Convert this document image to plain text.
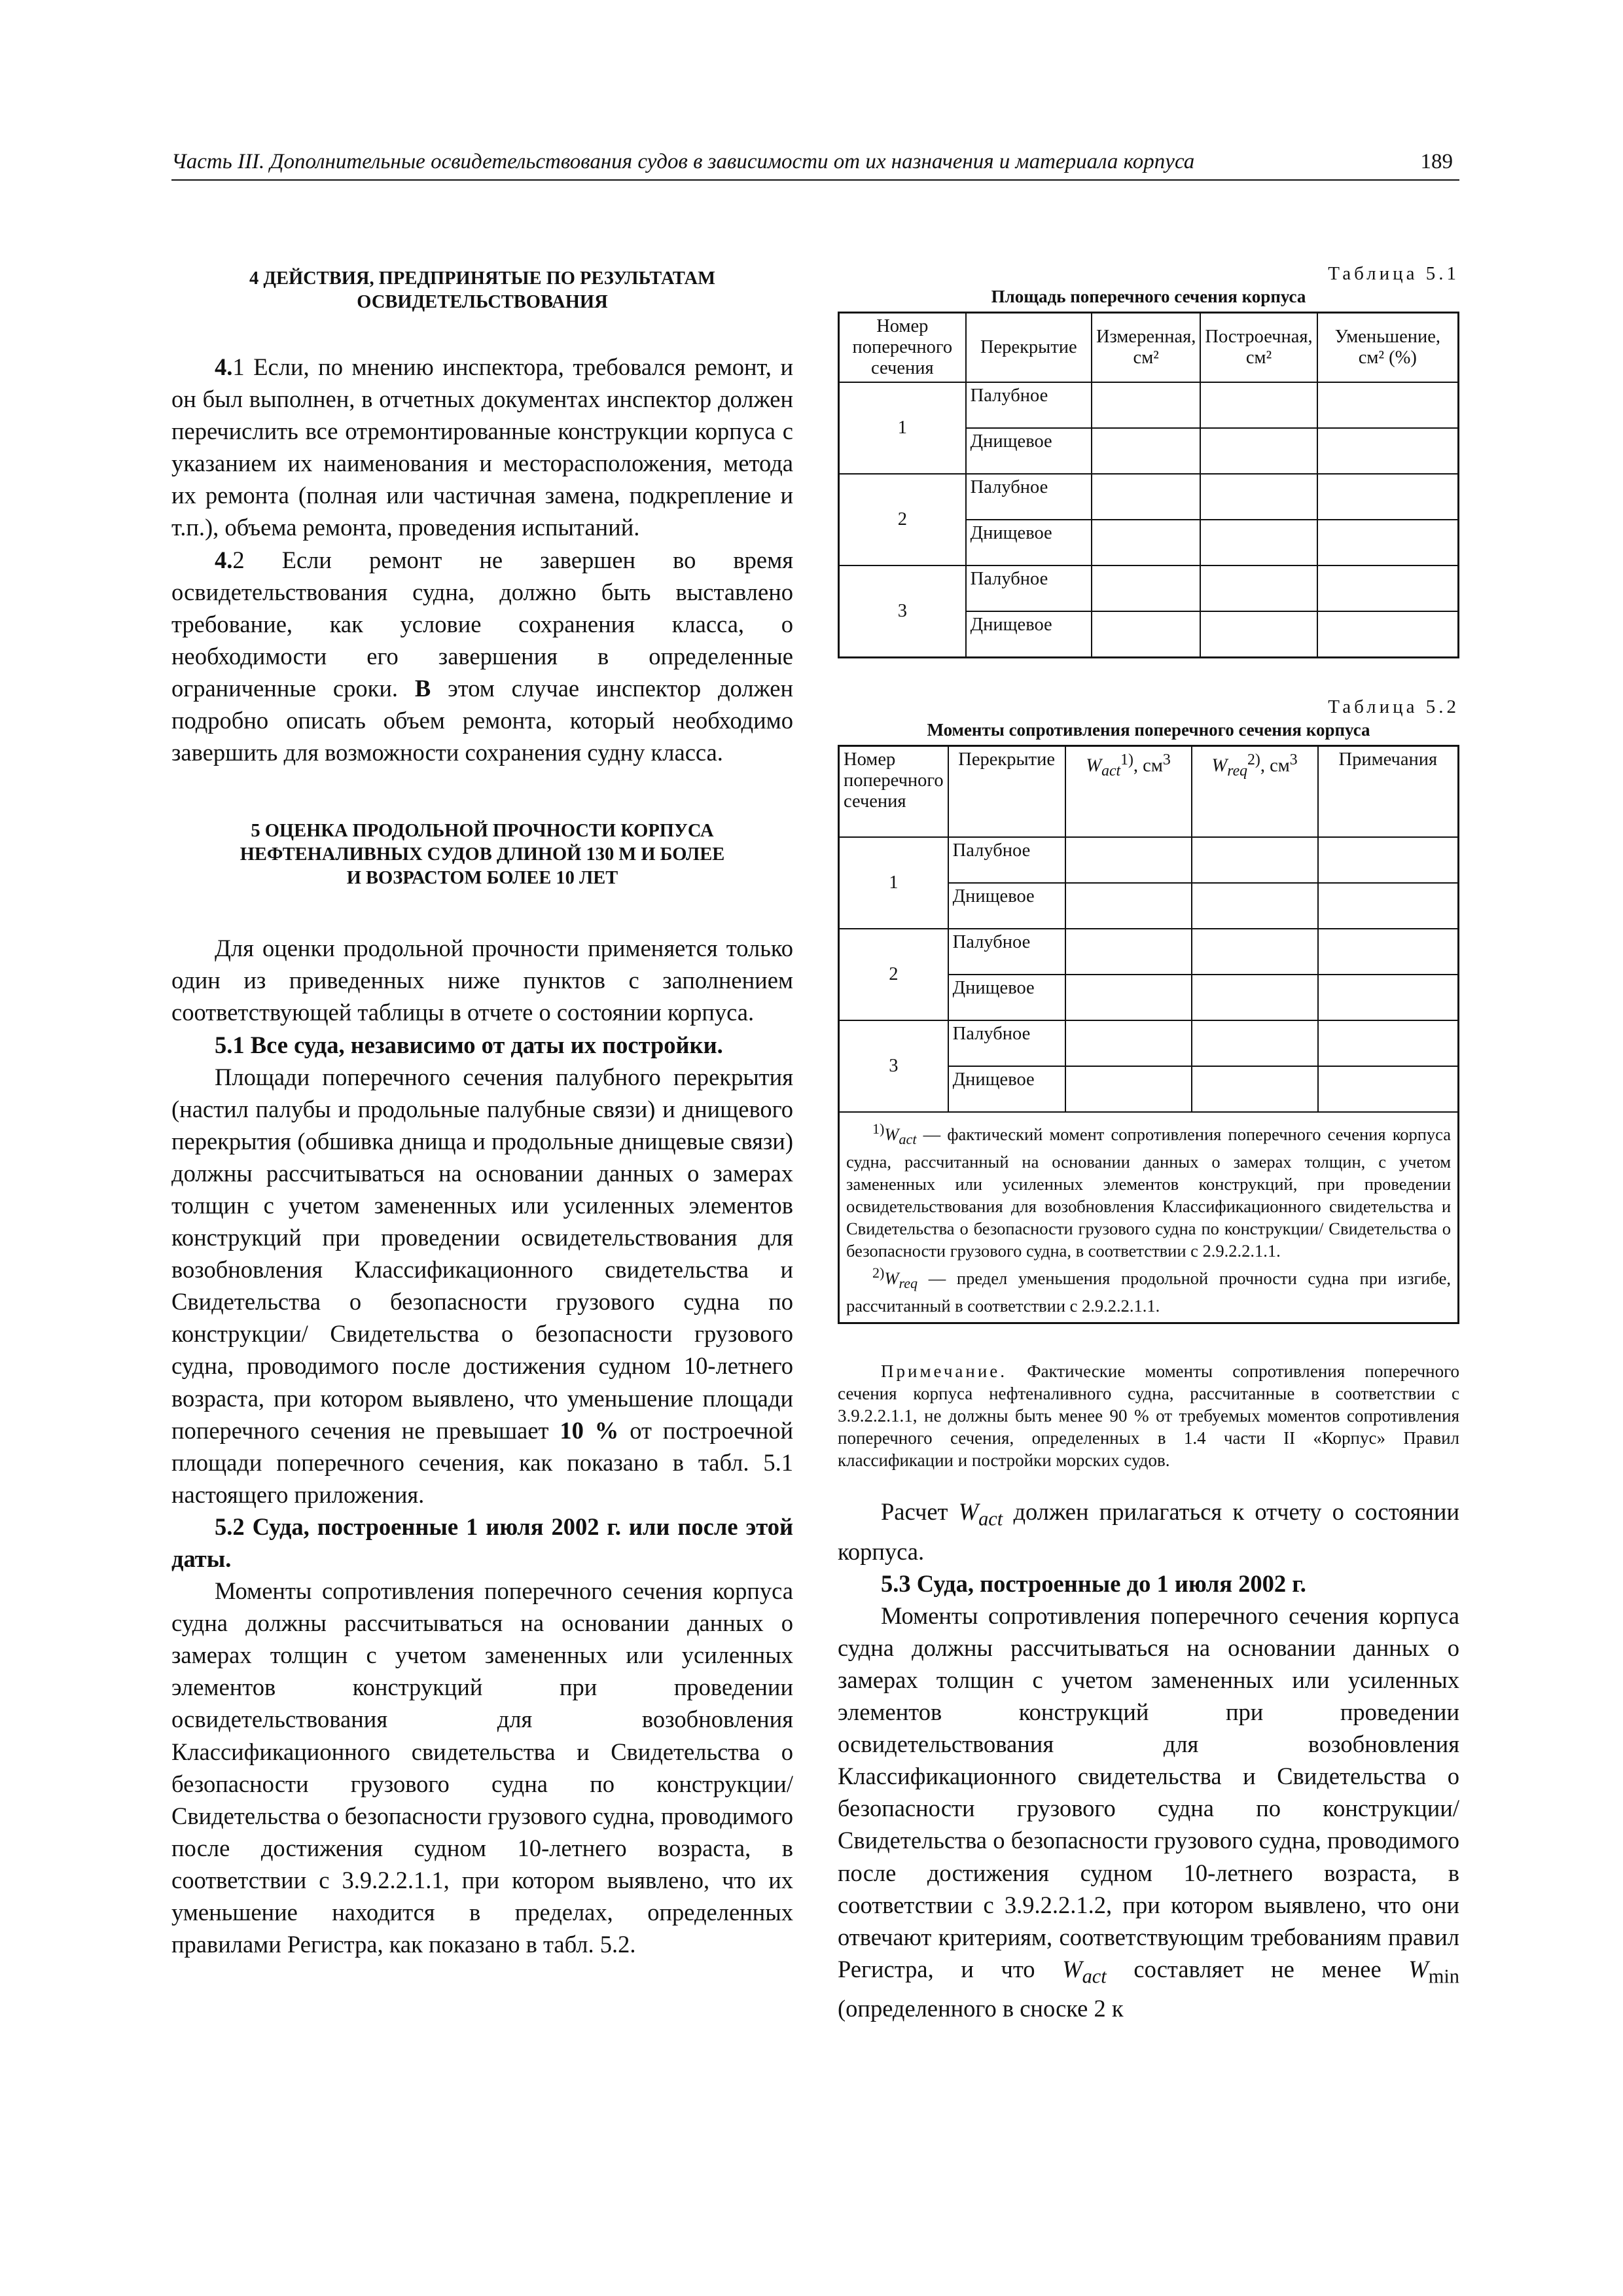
Часть III. Дополнительные освидетельствования судов в зависимости от их назначения и материала корпуса	189
4 ДЕЙСТВИЯ, ПРЕДПРИНЯТЫЕ ПО РЕЗУЛЬТАТАМ
ОСВИДЕТЕЛЬСТВОВАНИЯ

4.1 Если, по мнению инспектора, требовался ремонт, и он был выполнен, в отчетных документах инспектор должен перечислить все отремонтированные конструкции корпуса с указанием их наименования и месторасположения, метода их ремонта (полная или частичная замена, подкрепление и т.п.), объема ремонта, проведения испытаний.

4.2 Если ремонт не завершен во время освидетельствования судна, должно быть выставлено требование, как условие сохранения класса, о необходимости его завершения в определенные ограниченные сроки. В этом случае инспектор должен подробно описать объем ремонта, который необходимо завершить для возможности сохранения судну класса.

5 ОЦЕНКА ПРОДОЛЬНОЙ ПРОЧНОСТИ КОРПУСА
НЕФТЕНАЛИВНЫХ СУДОВ ДЛИНОЙ 130 М И БОЛЕЕ
И ВОЗРАСТОМ БОЛЕЕ 10 ЛЕТ

Для оценки продольной прочности применяется только один из приведенных ниже пунктов с заполнением соответствующей таблицы в отчете о состоянии корпуса.

5.1 Все суда, независимо от даты их постройки.

Площади поперечного сечения палубного перекрытия (настил палубы и продольные палубные связи) и днищевого перекрытия (обшивка днища и продольные днищевые связи) должны рассчитываться на основании данных о замерах толщин с учетом замененных или усиленных элементов конструкций при проведении освидетельствования для возобновления Классификационного свидетельства и Свидетельства о безопасности грузового судна по конструкции/ Свидетельства о безопасности грузового судна, проводимого после достижения судном 10-летнего возраста, при котором выявлено, что уменьшение площади поперечного сечения не превышает 10 % от построечной площади поперечного сечения, как показано в табл. 5.1 настоящего приложения.

5.2 Суда, построенные 1 июля 2002 г. или после этой даты.

Моменты сопротивления поперечного сечения корпуса судна должны рассчитываться на основании данных о замерах толщин с учетом замененных или усиленных элементов конструкций при проведении освидетельствования для возобновления Классификационного свидетельства и Свидетельства о безопасности грузового судна по конструкции/Свидетельства о безопасности грузового судна, проводимого после достижения судном 10-летнего возраста, в соответствии с 3.9.2.2.1.1, при котором выявлено, что их уменьшение находится в пределах, определенных правилами Регистра, как показано в табл. 5.2.

Таблица 5.1
Площадь поперечного сечения корпуса
Номер поперечного сечения	Перекрытие	Измеренная, см²	Построечная, см²	Уменьшение, см² (%)
1	Палубное			
	Днищевое			
2	Палубное			
	Днищевое			
3	Палубное			
	Днищевое			
Таблица 5.2
Моменты сопротивления поперечного сечения корпуса
Номер поперечного сечения	Перекрытие	$W_{act}^{1)}$, $см^3$	$W_{req}^{2)}$, $см^3$	Примечания
1	Палубное			
	Днищевое			
2	Палубное			
	Днищевое			
3	Палубное			
	Днищевое			

$^{1)}W_{act}$ — фактический момент сопротивления поперечного сечения корпуса судна, рассчитанный на основании данных о замерах толщин, с учетом замененных или усиленных элементов конструкций, при проведении освидетельствования для возобновления Классификационного свидетельства и Свидетельства о безопасности грузового судна по конструкции/ Свидетельства о безопасности грузового судна, в соответствии с 2.9.2.2.1.1.
$^{2)}W_{req}$ — предел уменьшения продольной прочности судна при изгибе, рассчитанный в соответствии с 2.9.2.2.1.1.				

Примечание. Фактические моменты сопротивления поперечного сечения корпуса нефтеналивного судна, рассчитанные в соответствии с 3.9.2.2.1.1, не должны быть менее 90 % от требуемых моментов сопротивления поперечного сечения, определенных в 1.4 части II «Корпус» Правил классификации и постройки морских судов.

Расчет $W_{act}$ должен прилагаться к отчету о состоянии корпуса.

5.3 Суда, построенные до 1 июля 2002 г.

Моменты сопротивления поперечного сечения корпуса судна должны рассчитываться на основании данных о замерах толщин с учетом замененных или усиленных элементов конструкций при проведении освидетельствования для возобновления Классификационного свидетельства и Свидетельства о безопасности грузового судна по конструкции/ Свидетельства о безопасности грузового судна, проводимого после достижения судном 10-летнего возраста, в соответствии с 3.9.2.2.1.2, при котором выявлено, что они отвечают критериям, соответствующим требованиям правил Регистра, и что $W_{act}$ составляет не менее $W_{min}$ (определенного в сноске 2 к
